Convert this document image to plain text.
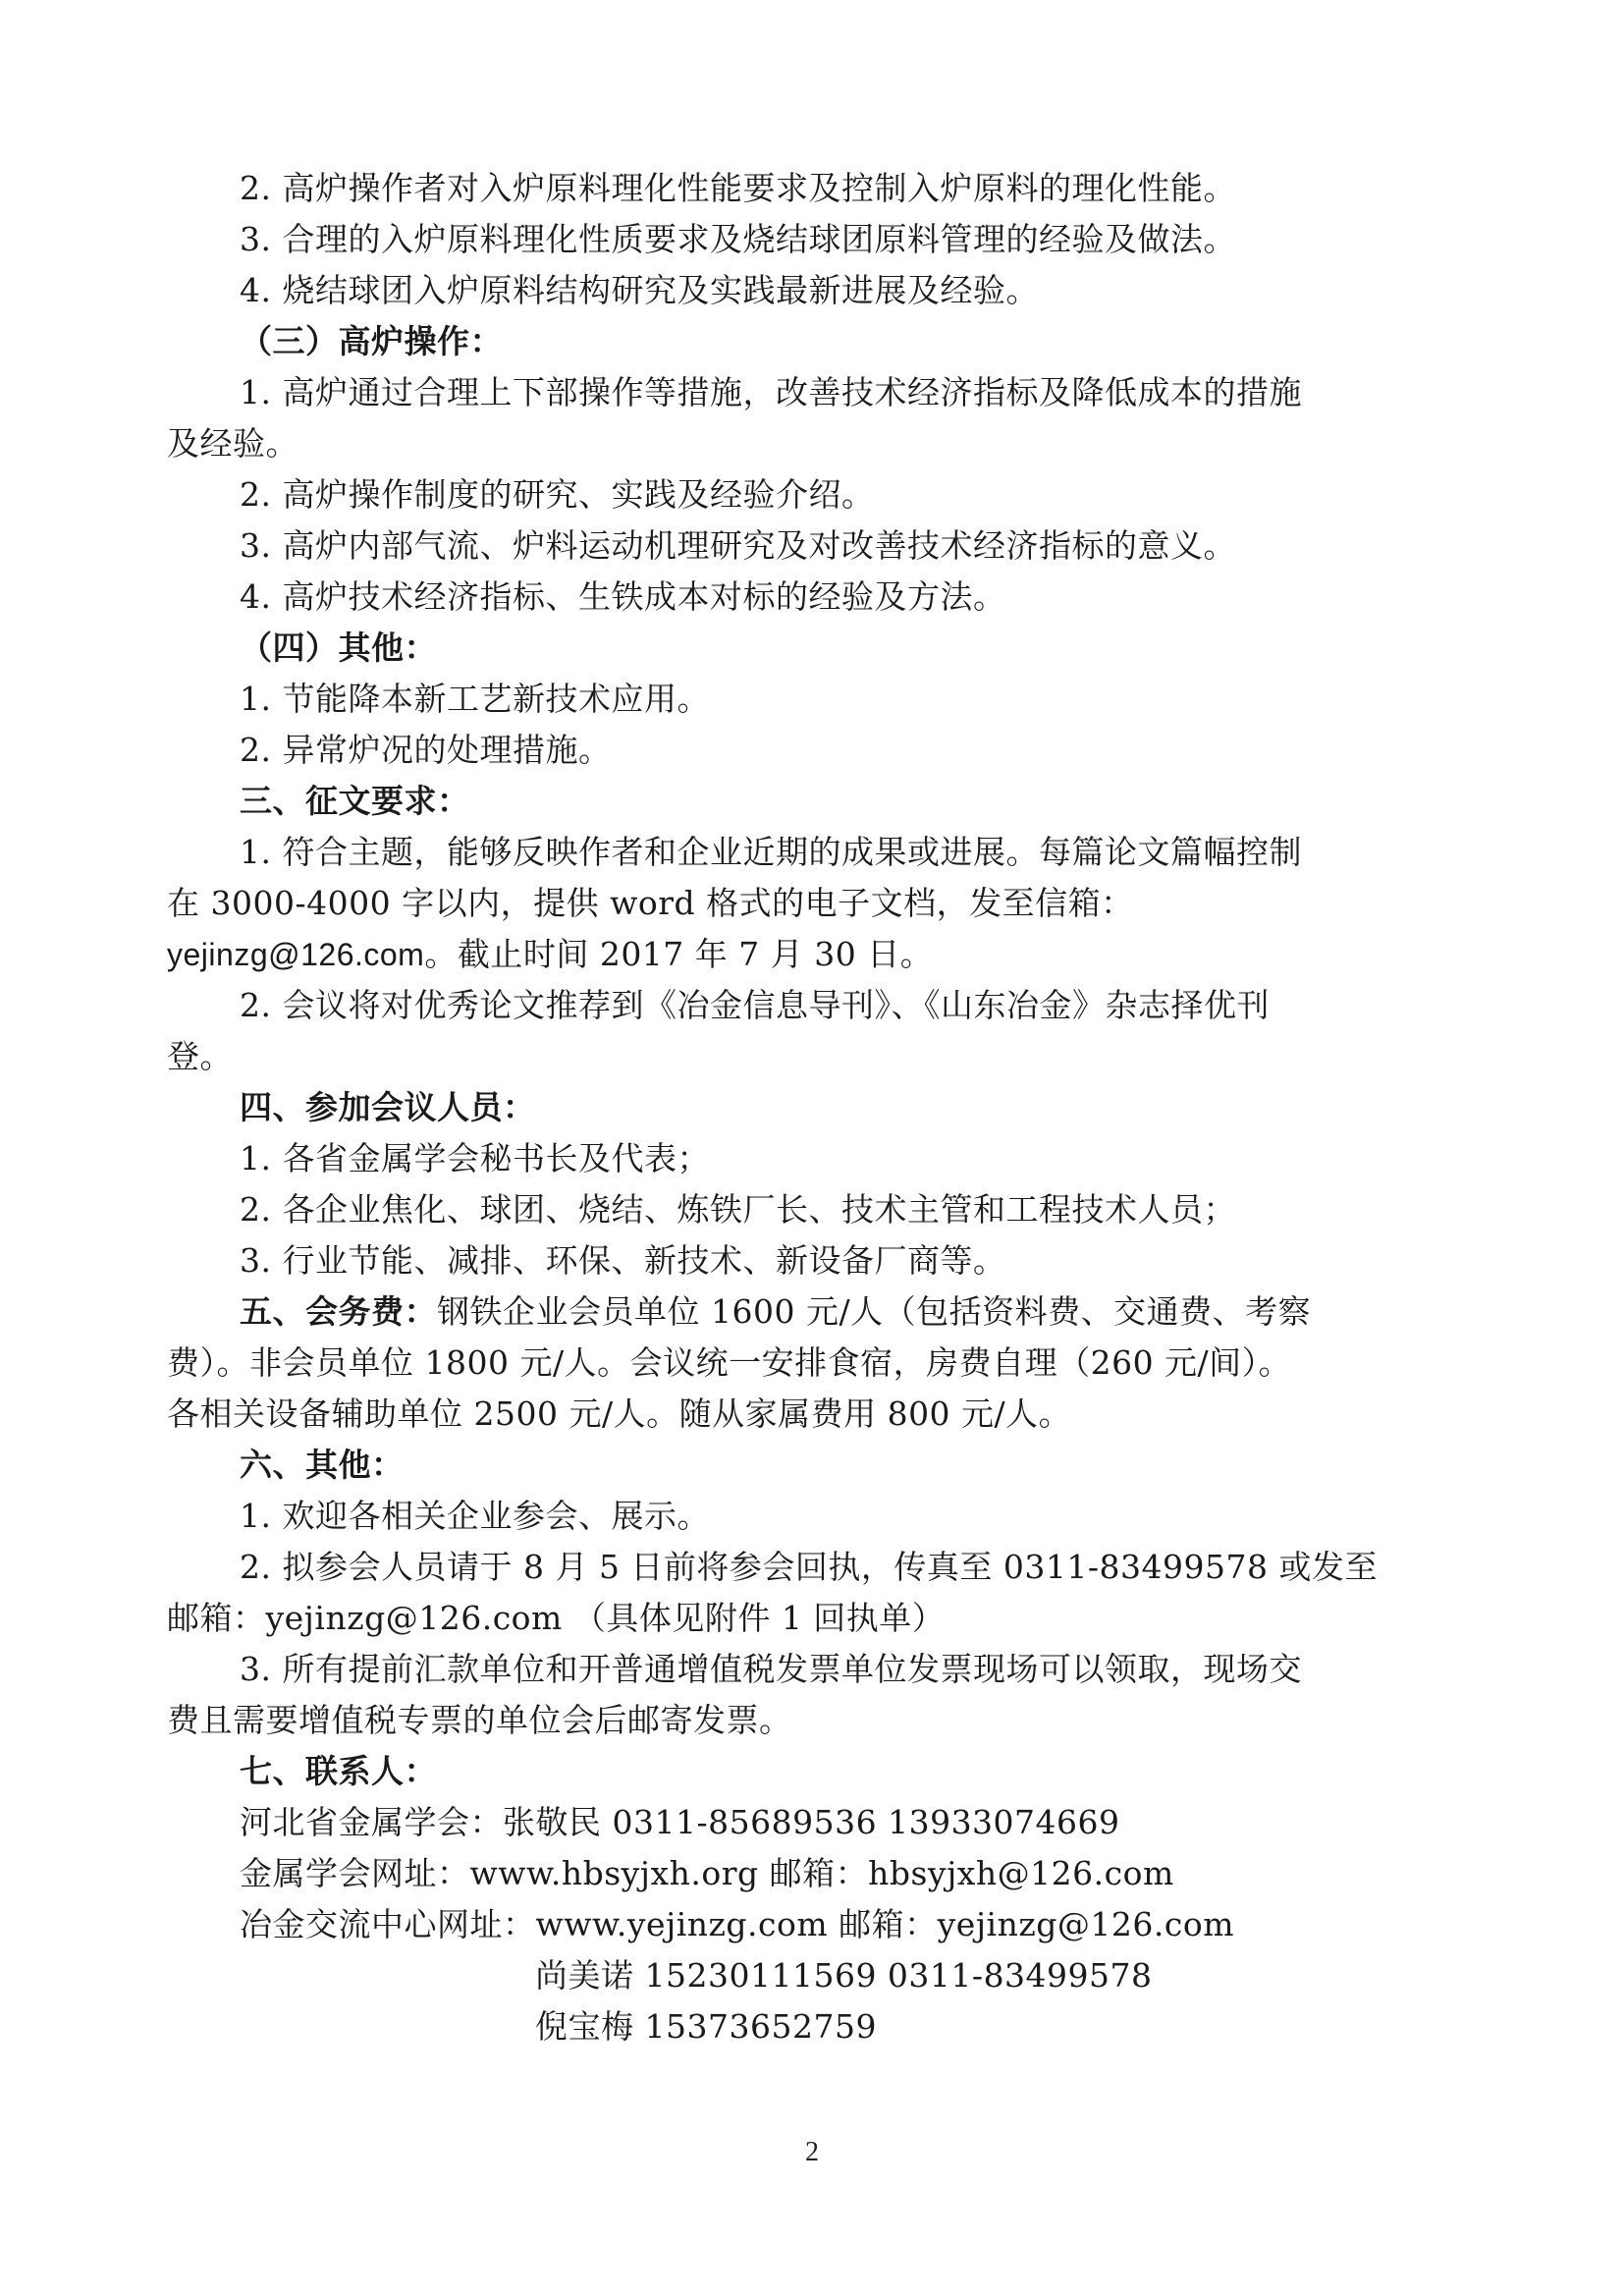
2. 高炉操作者对入炉原料理化性能要求及控制入炉原料的理化性能。

3. 合理的入炉原料理化性质要求及烧结球团原料管理的经验及做法。

4. 烧结球团入炉原料结构研究及实践最新进展及经验。

（三）高炉操作：

1. 高炉通过合理上下部操作等措施，改善技术经济指标及降低成本的措施

及经验。

2. 高炉操作制度的研究、实践及经验介绍。

3. 高炉内部气流、炉料运动机理研究及对改善技术经济指标的意义。

4. 高炉技术经济指标、生铁成本对标的经验及方法。

（四）其他：

1. 节能降本新工艺新技术应用。

2. 异常炉况的处理措施。

三、征文要求：

1. 符合主题，能够反映作者和企业近期的成果或进展。每篇论文篇幅控制

在 3000-4000 字以内，提供 word 格式的电子文档，发至信箱：

yejinzg@126.com。截止时间 2017 年 7 月 30 日。

2. 会议将对优秀论文推荐到《冶金信息导刊》、《山东冶金》杂志择优刊

登。

四、参加会议人员：

1. 各省金属学会秘书长及代表；

2. 各企业焦化、球团、烧结、炼铁厂长、技术主管和工程技术人员；

3. 行业节能、减排、环保、新技术、新设备厂商等。

五、会务费：钢铁企业会员单位 1600 元/人（包括资料费、交通费、考察

费）。非会员单位 1800 元/人。会议统一安排食宿，房费自理（260 元/间）。

各相关设备辅助单位 2500 元/人。随从家属费用 800 元/人。

六、其他：

1. 欢迎各相关企业参会、展示。

2. 拟参会人员请于 8 月 5 日前将参会回执，传真至 0311-83499578 或发至

邮箱：yejinzg@126.com （具体见附件 1 回执单）

3. 所有提前汇款单位和开普通增值税发票单位发票现场可以领取，现场交

费且需要增值税专票的单位会后邮寄发票。

七、联系人：

河北省金属学会：张敬民 0311-85689536 13933074669

金属学会网址：www.hbsyjxh.org 邮箱：hbsyjxh@126.com

冶金交流中心网址：www.yejinzg.com 邮箱：yejinzg@126.com

尚美诺 15230111569 0311-83499578

倪宝梅 15373652759

2
